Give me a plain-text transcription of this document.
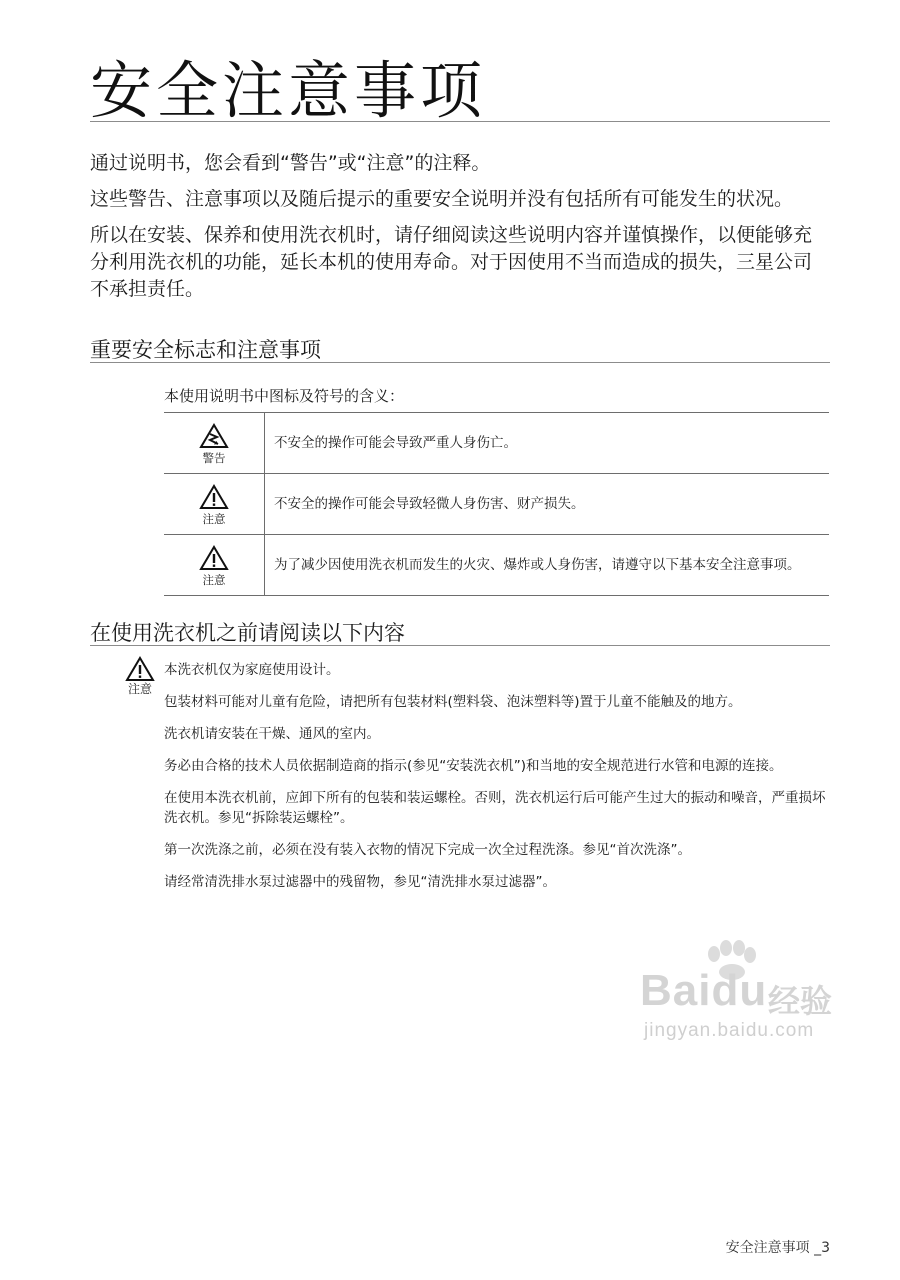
安全注意事项

通过说明书，您会看到“警告”或“注意”的注释。

这些警告、注意事项以及随后提示的重要安全说明并没有包括所有可能发生的状况。

所以在安装、保养和使用洗衣机时，请仔细阅读这些说明内容并谨慎操作，以便能够充分利用洗衣机的功能，延长本机的使用寿命。对于因使用不当而造成的损失，三星公司不承担责任。

重要安全标志和注意事项
本使用说明书中图标及符号的含义：
警告	不安全的操作可能会导致严重人身伤亡。

注意	不安全的操作可能会导致轻微人身伤害、财产损失。

注意	为了减少因使用洗衣机而发生的火灾、爆炸或人身伤害，请遵守以下基本安全注意事项。
在使用洗衣机之前请阅读以下内容
注意

本洗衣机仅为家庭使用设计。

包装材料可能对儿童有危险，请把所有包装材料(塑料袋、泡沫塑料等)置于儿童不能触及的地方。

洗衣机请安装在干燥、通风的室内。

务必由合格的技术人员依据制造商的指示(参见“安装洗衣机”)和当地的安全规范进行水管和电源的连接。

在使用本洗衣机前，应卸下所有的包装和装运螺栓。否则，洗衣机运行后可能产生过大的振动和噪音，严重损坏洗衣机。参见“拆除装运螺栓”。

第一次洗涤之前，必须在没有装入衣物的情况下完成一次全过程洗涤。参见“首次洗涤”。

请经常清洗排水泵过滤器中的残留物，参见“清洗排水泵过滤器”。

Baidu 经验
jingyan.baidu.com
安全注意事项 _3
